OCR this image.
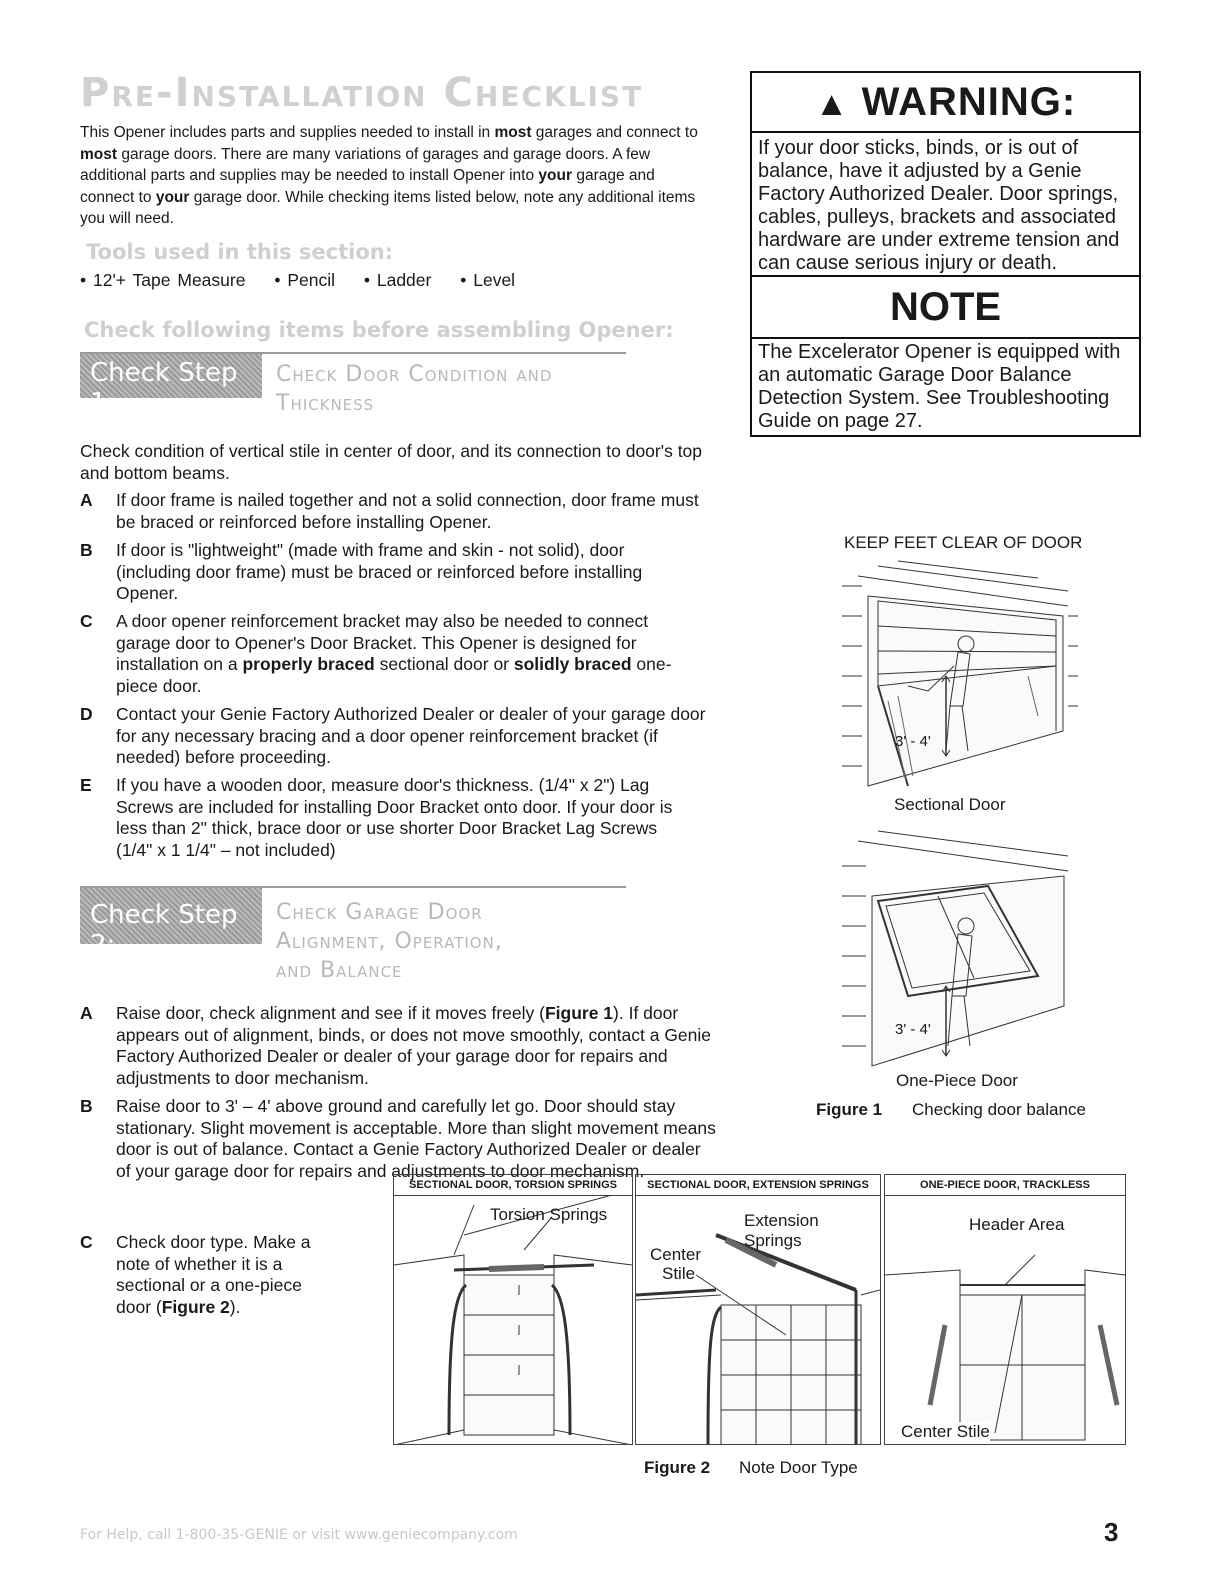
Pre-Installation Checklist
This Opener includes parts and supplies needed to install in most garages and connect to most garage doors. There are many variations of garages and garage doors. A few additional parts and supplies may be needed to install Opener into your garage and connect to your garage door. While checking items listed below, note any additional items you will need.
Tools used in this section:
• 12'+ Tape Measure • Pencil • Ladder • Level
Check following items before assembling Opener:
Check Step 1:
Check Door Condition and
Thickness
Check condition of vertical stile in center of door, and its connection to door's top and bottom beams.
A If door frame is nailed together and not a solid connection, door frame must be braced or reinforced before installing Opener.
B If door is "lightweight" (made with frame and skin - not solid), door (including door frame) must be braced or reinforced before installing Opener.
C A door opener reinforcement bracket may also be needed to connect garage door to Opener's Door Bracket. This Opener is designed for installation on a properly braced sectional door or solidly braced one-piece door.
D Contact your Genie Factory Authorized Dealer or dealer of your garage door for any necessary bracing and a door opener reinforcement bracket (if needed) before proceeding.
E If you have a wooden door, measure door's thickness. (1/4" x 2") Lag Screws are included for installing Door Bracket onto door. If your door is less than 2" thick, brace door or use shorter Door Bracket Lag Screws (1/4" x 1 1/4" – not included)
Check Step 2:
Check Garage Door
Alignment, Operation,
and Balance
A Raise door, check alignment and see if it moves freely (Figure 1). If door appears out of alignment, binds, or does not move smoothly, contact a Genie Factory Authorized Dealer or dealer of your garage door for repairs and adjustments to door mechanism.
B Raise door to 3' – 4' above ground and carefully let go. Door should stay stationary. Slight movement is acceptable. More than slight movement means door is out of balance. Contact a Genie Factory Authorized Dealer or dealer of your garage door for repairs and adjustments to door mechanism.
C Check door type. Make a note of whether it is a sectional or a one-piece door (Figure 2).
▲ WARNING:
If your door sticks, binds, or is out of balance, have it adjusted by a Genie Factory Authorized Dealer. Door springs, cables, pulleys, brackets and associated hardware are under extreme tension and can cause serious injury or death.
NOTE
The Excelerator Opener is equipped with an automatic Garage Door Balance Detection System. See Troubleshooting Guide on page 27.
KEEP FEET CLEAR OF DOOR
3' - 4'
Sectional Door
3' - 4'
One-Piece Door
Figure 1 Checking door balance
SECTIONAL DOOR, TORSION SPRINGS
Torsion Springs
SECTIONAL DOOR, EXTENSION SPRINGS
Extension Springs
Center
Stile
ONE-PIECE DOOR, TRACKLESS
Header Area
Center Stile
Figure 2 Note Door Type
For Help, call 1-800-35-GENIE or visit www.geniecompany.com	3
